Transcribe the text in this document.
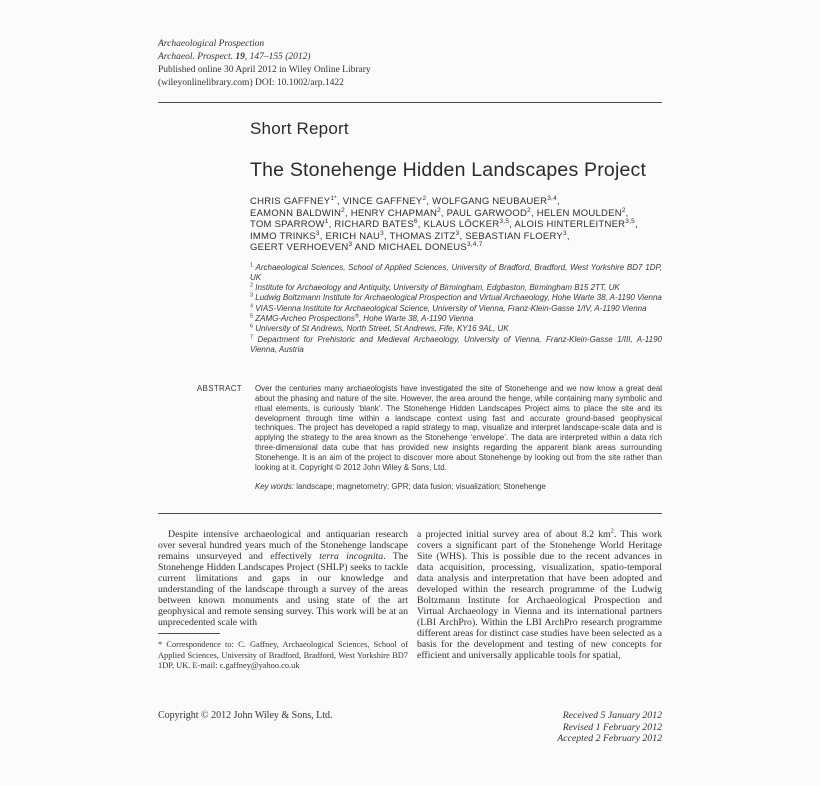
Archaeological Prospection
Archaeol. Prospect. 19, 147–155 (2012)
Published online 30 April 2012 in Wiley Online Library
(wileyonlinelibrary.com) DOI: 10.1002/arp.1422
Short Report
The Stonehenge Hidden Landscapes Project
CHRIS $GAFFNEY^{1*}$, VINCE GAFFNEY$^2$, WOLFGANG NEUBAUER$^{3,4}$,
EAMONN BALDWIN$^2$, HENRY CHAPMAN$^2$, PAUL GARWOOD$^2$, HELEN MOULDEN$^2$,
TOM SPARROW$^1$, RICHARD BATES$^6$, KLAUS LÖCKER$^{3,5}$, ALOIS HINTERLEITNER$^{3,5}$,
IMMO TRINKS$^3$, ERICH NAU$^3$, THOMAS ZITZ$^3$, SEBASTIAN FLOERY$^3$,
GEERT VERHOEVEN$^3$ AND MICHAEL DONEUS$^{3,4,7}$
$^1$ Archaeological Sciences, School of Applied Sciences, University of Bradford, Bradford, West Yorkshire BD7 1DP, UK
$^2$ Institute for Archaeology and Antiquity, University of Birmingham, Edgbaston, Birmingham B15 2TT, UK
$^3$ Ludwig Boltzmann Institute for Archaeological Prospection and Virtual Archaeology, Hohe Warte 38, A-1190 Vienna
$^4$ VIAS-Vienna Institute for Archaeological Science, University of Vienna, Franz-Klein-Gasse 1/IV, A-1190 Vienna
$^5$ ZAMG-Archeo Prospections®, Hohe Warte 38, A-1190 Vienna
$^6$ University of St Andrews, North Street, St Andrews, Fife, KY16 9AL, UK
$^7$ Department for Prehistoric and Medieval Archaeology, University of Vienna, Franz-Klein-Gasse 1/III, A-1190 Vienna, Austria
ABSTRACT	Over the centuries many archaeologists have investigated the site of Stonehenge and we now know a great deal about the phasing and nature of the site. However, the area around the henge, while containing many symbolic and ritual elements, is curiously ‘blank’. The Stonehenge Hidden Landscapes Project aims to place the site and its development through time within a landscape context using fast and accurate ground-based geophysical techniques. The project has developed a rapid strategy to map, visualize and interpret landscape-scale data and is applying the strategy to the area known as the Stonehenge ‘envelope’. The data are interpreted within a data rich three-dimensional data cube that has provided new insights regarding the apparent blank areas surrounding Stonehenge. It is an aim of the project to discover more about Stonehenge by looking out from the site rather than looking at it. Copyright © 2012 John Wiley & Sons, Ltd.
Key words: landscape; magnetometry; GPR; data fusion; visualization; Stonehenge
Despite intensive archaeological and antiquarian research over several hundred years much of the Stonehenge landscape remains unsurveyed and effectively terra incognita. The Stonehenge Hidden Landscapes Project (SHLP) seeks to tackle current limitations and gaps in our knowledge and understanding of the landscape through a survey of the areas between known monuments and using state of the art geophysical and remote sensing survey. This work will be at an unprecedented scale with
* Correspondence to: C. Gaffney, Archaeological Sciences, School of Applied Sciences, University of Bradford, Bradford, West Yorkshire BD7 1DP, UK. E-mail: c.gaffney@yahoo.co.uk
a projected initial survey area of about 8.2 $km^2$. This work covers a significant part of the Stonehenge World Heritage Site (WHS). This is possible due to the recent advances in data acquisition, processing, visualization, spatio-temporal data analysis and interpretation that have been adopted and developed within the research programme of the Ludwig Boltzmann Institute for Archaeological Prospection and Virtual Archaeology in Vienna and its international partners (LBI ArchPro). Within the LBI ArchPro research programme different areas for distinct case studies have been selected as a basis for the development and testing of new concepts for efficient and universally applicable tools for spatial,
Copyright © 2012 John Wiley & Sons, Ltd.	Received 5 January 2012
Revised 1 February 2012
Accepted 2 February 2012
